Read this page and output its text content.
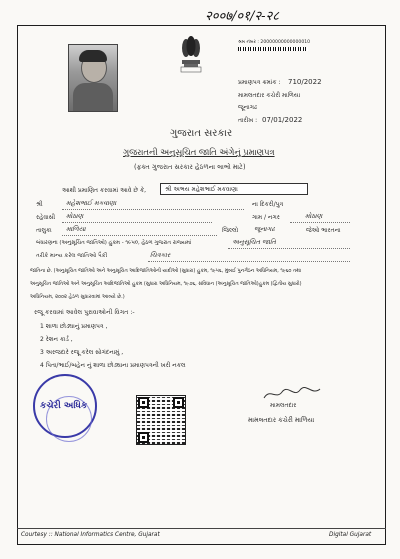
२००७/०१/२-२८
શ્રમ નંબર : 20000000000000010
પ્રમાણપત્ર ક્રમાંક : 710/2022
મામલતદાર કચેરી માળિયા
જૂનાગઢ
તારીખ : 07/01/2022
ગુજરાત સરકાર
ગુજરાતની અનુસૂચિત જાતિ અંગેનું પ્રમાણપત્ર
(ફક્ત ગુજરાત સરકાર હેઠળના લાભો માટે)
આથી પ્રમાણિત કરવામાં આવે છે કે,	શ્રી અભય મહેશભાઈ મકવાણા
શ્રી	મહેશભાઈ મકવાણા	ના દિકરી/પુત્ર
રહેવાસી મોઠાણ	ગામ / નગર	મોઠાણ
તાલુકા માળિયા	જિલ્લો જૂનાગઢ	જેઓ ભારતના
બંધારણના (અનુસૂચિત જાતિઓ) હુકમ - ૧૯૫૦, હેઠળ ગુજરાત રાજ્યમાં	અનુસૂચિત જાતિ
તરીકે માન્ય કરેલ જાતિઓ પૈકી	ચિત્રકાર
જાતિના છે. (અનુસૂચિત જાતિઓ અને અનુસૂચિત આદિજાતિઓની યાદીઓ (સુધારા) હુકમ, ૧૯૫૬, મુંબઈ પુનર્ગઠન અધિનિયમ, ૧૯૬૦ તથા
અનુસૂચિત જાતિઓ અને અનુસૂચિત આદિજાતિઓ હુકમ (સુધારા અધિનિયમ, ૧૯૭૬, સંવિધાન (અનુસૂચિત જાતિઓ)હુકમ (દ્વિતીય સુધારો)
અધિનિયમ, ૨૦૦૨ હેઠળ સુધારવામાં આવ્યો છે.)
રજૂ કરવામાં આવેલ પુરાવાઓની વિગત :-
1 શાળા છોડ્યાનું પ્રમાણપત્ર ,
2 રેશન કાર્ડ ,
3 અરજદારે રજૂ કરેલ સોગંદનામું ,
4 પિતા/ભાઈ/બહેન નું શાળા છોડ્યાના પ્રમાણપત્રની ખરી નકલ
કચેરી અધિક	મામલતદાર
મામલતદાર કચેરી માળિયા
Courtesy :: National Informatics Centre, Gujarat	Digital Gujarat
